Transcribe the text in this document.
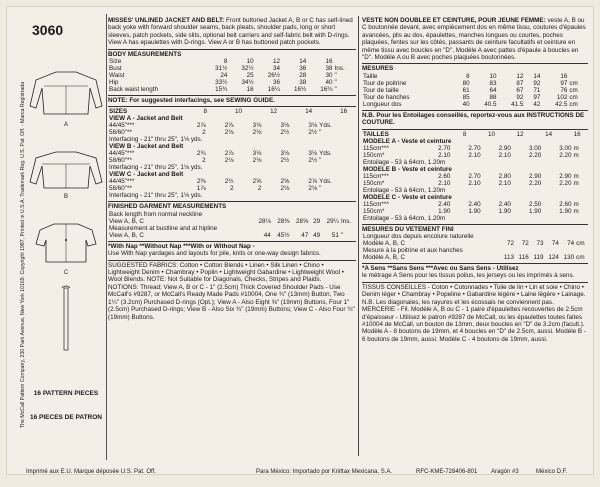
The McCall Pattern Company, 230 Park Avenue, New York 10169. Copyright 1987, Printed in U.S.A. Trademark Reg. U.S. Pat. Off. - Marca Registrada
3060
A
B
C
16 PATTERN PIECES
16 PIECES DE PATRON
MISSES' UNLINED JACKET AND BELT: Front buttoned Jacket A, B or C has self-lined back yoke with forward shoulder seams, back pleats, shoulder pads, long or short sleeves, patch pockets, side slits, optional belt carriers and self-fabric belt with D-rings. View A has epaulettes with D-rings. View A or B has buttoned patch pockets.
BODY MEASUREMENTS
Size	8	10	12	14	16	
Bust	31½	32½	34	36	38	Ins.
Waist	24	25	26½	28	30	"
Hip	33½	34½	36	38	40	"
Back waist length	15¾	16	16¼	16½	16¾	"
NOTE: For suggested interfacings, see SEWING GUIDE.
SIZES	8	10	12	14	16	
VIEW A - Jacket and Belt						
44/45"***	2⅞	2⅞	3⅛	3⅛	3⅛	Yds.
58/60"**	2	2⅛	2⅛	2½	2½	"
Interfacing - 21" thru 25", 1⅛ yds.						
VIEW B - Jacket and Belt						
44/45"***	2¾	2⅞	3⅛	3⅛	3⅛	Yds.
58/60"**	2	2⅛	2⅛	2½	2½	"
Interfacing - 21" thru 25", 1⅛ yds.						
VIEW C - Jacket and Belt						
44/45"***	2⅜	2½	2⅝	2⅝	2⅞	Yds.
58/60"**	1⅞	2	2	2⅛	2⅛	"
Interfacing - 21" thru 25", 1⅛ yds.						
FINISHED GARMENT MEASUREMENTS
Back length from normal neckline						
View A, B, C	28⅛	28⅜	28⅝	29	29¼	Ins.
Measurement at bustline and at hipline						
View A, B, C	44	45½	47	49	51	"
*With Nap **Without Nap ***With or Without Nap -
Use With Nap yardages and layouts for pile, knits or one-way design fabrics.
SUGGESTED FABRICS: Cotton • Cotton Blends • Linen • Silk Linen • Chino • Lightweight Denim • Chambray • Poplin • Lightweight Gabardine • Lightweight Wool • Wool Blends. NOTE: Not Suitable for Diagonals, Checks, Stripes and Plaids.
NOTIONS: Thread; View A, B or C - 1" (2.5cm) Thick Covered Shoulder Pads - Use McCall's #9287, or McCall's Ready Made Pads #10004, One ¾" (13mm) Button, Two 1¼" (3.2cm) Purchased D-rings (Opt.); View A - Also Eight ⅝" (19mm) Buttons, Four 1" (2.5cm) Purchased D-rings; View B - Also Six ¾" (19mm) Buttons; View C - Also Four ¾" (19mm) Buttons.
VESTE NON DOUBLEE ET CEINTURE, POUR JEUNE FEMME: veste A, B ou C boutonnée devant, avec empiècement dos en même tissu, coutures d'épaules avancées, plis au dos, épaulettes, manches longues ou courtes, poches plaquées, fentes sur les côtés, passants de ceinture facultatifs et ceinture en même tissu avec boucles en "D". Modèle A avec pattes d'épaule à boucles en "D". Modèle A ou B avec poches plaquées boutonnées.
MESURES
Taille	8	10	12	14	16	
Tour de poitrine	80	83	87	92	97	cm
Tour de taille	61	64	67	71	76	cm
Tour de hanches	85	88	92	97	102	cm
Longueur dos	40	40.5	41.5	42	42.5	cm
N.B. Pour les Entoilages conseillés, reportez-vous aux INSTRUCTIONS DE COUTURE.
TAILLES	8	10	12	14	16	
MODELE A - Veste et ceinture						
115cm***	2.70	2.70	2.90	3.00	3.00	m
150cm*	2.10	2.10	2.10	2.20	2.20	m
Entoilage - 53 à 64cm, 1.20m						
MODELE B - Veste et ceinture						
115cm***	2.60	2.70	2.80	2.90	2.90	m
150cm*	2.10	2.10	2.10	2.20	2.20	m
Entoilage - 53 à 64cm, 1.20m						
MODELE C - Veste et ceinture						
115cm***	2.40	2.40	2.40	2.50	2.60	m
150cm*	1.90	1.90	1.90	1.90	1.90	m
Entoilage - 53 à 64cm, 1.20m						
MESURES DU VETEMENT FINI
Longueur dos depuis encolure naturelle						
Modèle A, B, C	72	72	73	74	74	cm
Mesure à la poitrine et aux hanches						
Modèle A, B, C	113	116	119	124	130	cm
*A Sens **Sans Sens ***Avec ou Sans Sens - Utilisez
le métrage A Sens pour les tissus poilus, les jerseys ou les imprimés à sens.
TISSUS CONSEILLES - Coton • Cotonnades • Toile de lin • Lin et soie • Chino • Denim léger • Chambray • Popeline • Gabardine légère • Laine légère • Lainage. N.B. Les diagonales, les rayures et les écossais ne conviennent pas.
MERCERIE - Fil. Modèle A, B ou C - 1 paire d'épaulettes recouvertes de 2.5cm d'épaisseur - Utilisez le patron #9287 de McCall, ou les épaulettes toutes faites #10004 de McCall, un bouton de 13mm, deux boucles en "D" de 3.2cm (facult.). Modèle A - 8 boutons de 19mm, et 4 boucles en "D" de 2.5cm, aussi. Modèle B - 6 boutons de 19mm, aussi. Modèle C - 4 boutons de 19mm, aussi.
Imprimé aux E.U. Marque déposée U.S. Pat. Off.	Para México: Importado por Knittax Mexicana, S.A.	RFC-KME-728406-801 Aragón #3	México D.F.
